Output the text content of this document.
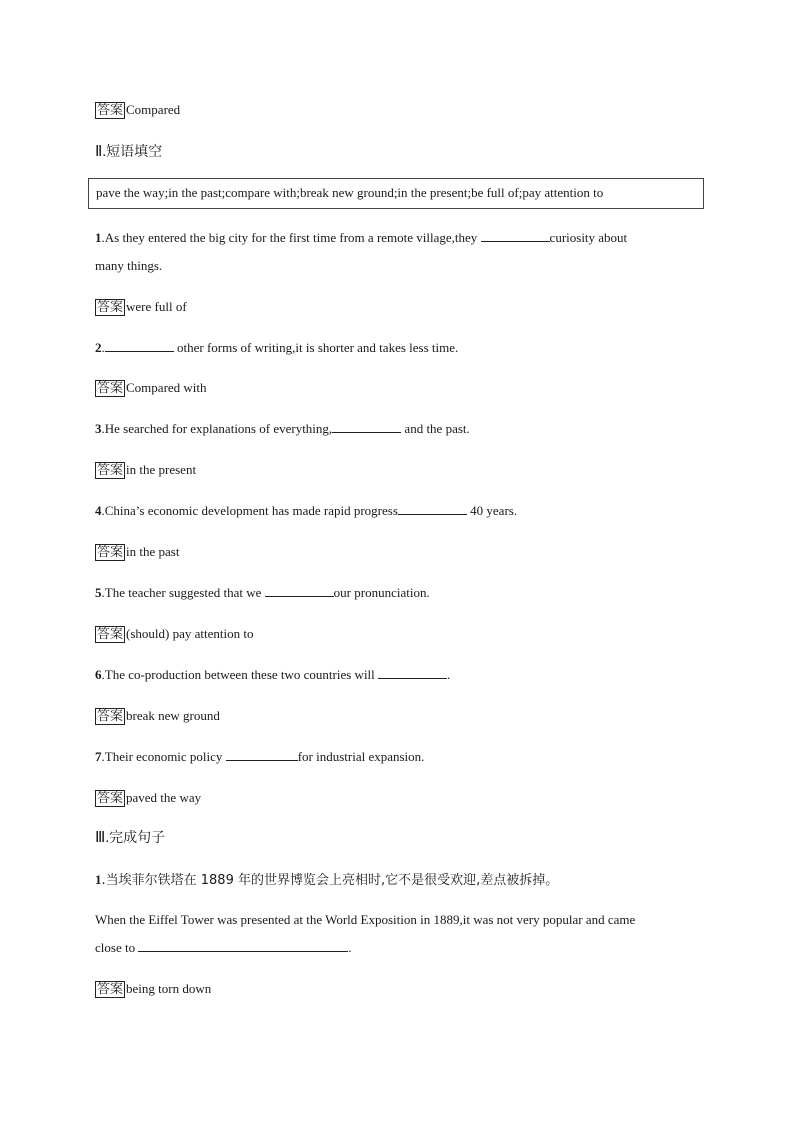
答案 Compared
Ⅱ.短语填空
pave the way;in the past;compare with;break new ground;in the present;be full of;pay attention to
1.As they entered the big city for the first time from a remote village,they	curiosity about
many things.
答案 were full of
2.	other forms of writing,it is shorter and takes less time.
答案 Compared with
3.He searched for explanations of everything,	and the past.
答案 in the present
4.China’s economic development has made rapid progress	40 years.
答案 in the past
5.The teacher suggested that we	our pronunciation.
答案 (should) pay attention to
6.The co-production between these two countries will	.
答案 break new ground
7.Their economic policy	for industrial expansion.
答案 paved the way
Ⅲ.完成句子
1.当埃菲尔铁塔在 1889 年的世界博览会上亮相时,它不是很受欢迎,差点被拆掉。
When the Eiffel Tower was presented at the World Exposition in 1889,it was not very popular and came
close to	.
答案 being torn down
